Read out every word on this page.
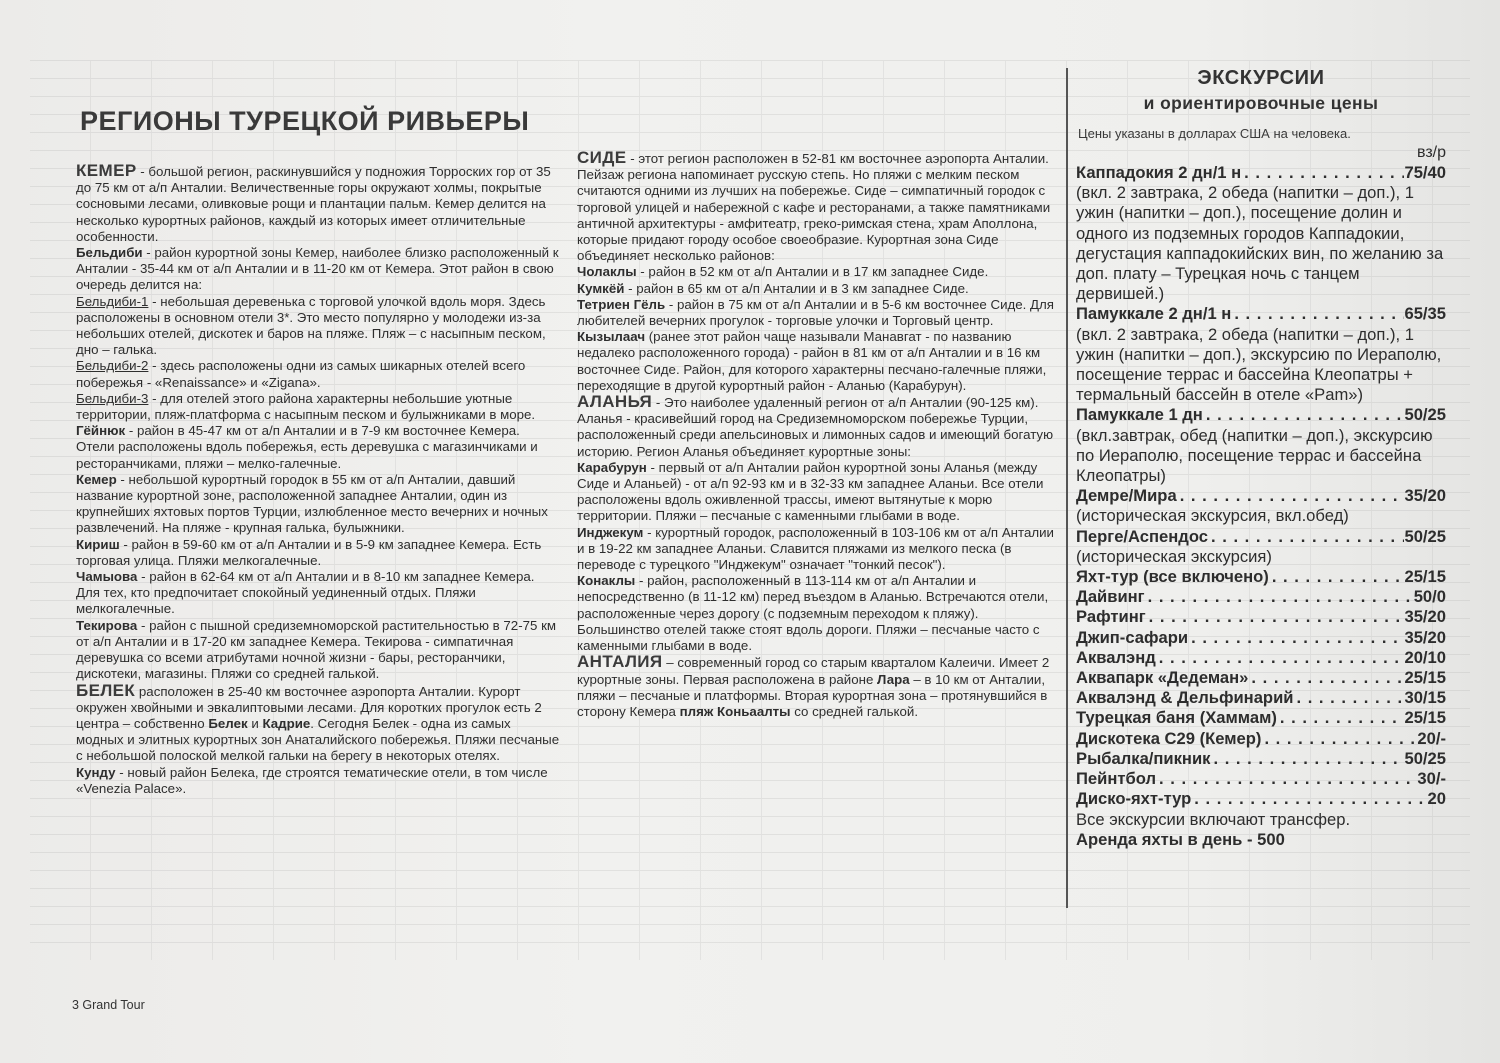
РЕГИОНЫ ТУРЕЦКОЙ РИВЬЕРЫ

КЕМЕР - большой регион, раскинувшийся у подножия Торроских гор от 35 до 75 км от а/п Анталии. Величественные горы окружают холмы, покрытые сосновыми лесами, оливковые рощи и плантации пальм. Кемер делится на несколько курортных районов, каждый из которых имеет отличительные особенности.

Бельдиби - район курортной зоны Кемер, наиболее близко расположенный к Анталии - 35-44 км от а/п Анталии и в 11-20 км от Кемера. Этот район в свою очередь делится на:

Бельдиби-1 - небольшая деревенька с торговой улочкой вдоль моря. Здесь расположены в основном отели 3*. Это место популярно у молодежи из-за небольших отелей, дискотек и баров на пляже. Пляж – с насыпным песком, дно – галька.

Бельдиби-2 - здесь расположены одни из самых шикарных отелей всего побережья - «Renaissance» и «Zigana».

Бельдиби-3 - для отелей этого района характерны небольшие уютные территории, пляж-платформа с насыпным песком и булыжниками в море.

Гёйнюк - район в 45-47 км от а/п Анталии и в 7-9 км восточнее Кемера. Отели расположены вдоль побережья, есть деревушка с магазинчиками и ресторанчиками, пляжи – мелко-галечные.

Кемер - небольшой курортный городок в 55 км от а/п Анталии, давший название курортной зоне, расположенной западнее Анталии, один из крупнейших яхтовых портов Турции, излюбленное место вечерних и ночных развлечений. На пляже - крупная галька, булыжники.

Кириш - район в 59-60 км от а/п Анталии и в 5-9 км западнее Кемера. Есть торговая улица. Пляжи мелкогалечные.

Чамыова - район в 62-64 км от а/п Анталии и в 8-10 км западнее Кемера. Для тех, кто предпочитает спокойный уединенный отдых. Пляжи мелкогалечные.

Текирова - район с пышной средиземноморской растительностью в 72-75 км от а/п Анталии и в 17-20 км западнее Кемера. Текирова - симпатичная деревушка со всеми атрибутами ночной жизни - бары, ресторанчики, дискотеки, магазины. Пляжи со средней галькой.

БЕЛЕК расположен в 25-40 км восточнее аэропорта Анталии. Курорт окружен хвойными и эвкалиптовыми лесами. Для коротких прогулок есть 2 центра – собственно Белек и Кадрие. Сегодня Белек - одна из самых модных и элитных курортных зон Анаталийского побережья. Пляжи песчаные с небольшой полоской мелкой гальки на берегу в некоторых отелях.

Кунду - новый район Белека, где строятся тематические отели, в том числе «Venezia Palace».

СИДЕ - этот регион расположен в 52-81 км восточнее аэропорта Анталии. Пейзаж региона напоминает русскую степь. Но пляжи с мелким песком считаются одними из лучших на побережье. Сиде – симпатичный городок с торговой улицей и набережной с кафе и ресторанами, а также памятниками античной архитектуры - амфитеатр, греко-римская стена, храм Аполлона, которые придают городу особое своеобразие. Курортная зона Сиде объединяет несколько районов:

Чолаклы - район в 52 км от а/п Анталии и в 17 км западнее Сиде.

Кумкёй - район в 65 км от а/п Анталии и в 3 км западнее Сиде.

Тетриен Гёль - район в 75 км от а/п Анталии и в 5-6 км восточнее Сиде. Для любителей вечерних прогулок - торговые улочки и Торговый центр.

Кызылаач (ранее этот район чаще называли Манавгат - по названию недалеко расположенного города) - район в 81 км от а/п Анталии и в 16 км восточнее Сиде. Район, для которого характерны песчано-галечные пляжи, переходящие в другой курортный район - Аланью (Карабурун).

АЛАНЬЯ - Это наиболее удаленный регион от а/п Анталии (90-125 км). Аланья - красивейший город на Средиземноморском побережье Турции, расположенный среди апельсиновых и лимонных садов и имеющий богатую историю. Регион Аланья объединяет курортные зоны:

Карабурун - первый от а/п Анталии район курортной зоны Аланья (между Сиде и Аланьей) - от а/п 92-93 км и в 32-33 км западнее Аланьи. Все отели расположены вдоль оживленной трассы, имеют вытянутые к морю территории. Пляжи – песчаные с каменными глыбами в воде.

Инджекум - курортный городок, расположенный в 103-106 км от а/п Анталии и в 19-22 км западнее Аланьи. Славится пляжами из мелкого песка (в переводе с турецкого "Инджекум" означает "тонкий песок").

Конаклы - район, расположенный в 113-114 км от а/п Анталии и непосредственно (в 11-12 км) перед въездом в Аланью. Встречаются отели, расположенные через дорогу (с подземным переходом к пляжу). Большинство отелей также стоят вдоль дороги. Пляжи – песчаные часто с каменными глыбами в воде.

АНТАЛИЯ – современный город со старым кварталом Калеичи. Имеет 2 курортные зоны. Первая расположена в районе Лара – в 10 км от Анталии, пляжи – песчаные и платформы. Вторая курортная зона – протянувшийся в сторону Кемера пляж Коньаалты со средней галькой.

ЭКСКУРСИИ
и ориентировочные цены
Цены указаны в долларах США на человека.
вз/р
Каппадокия 2 дн/1 н . . .	75/40
(вкл. 2 завтрака, 2 обеда (напитки – доп.), 1 ужин (напитки – доп.), посещение долин и одного из подземных городов Каппадокии, дегустация каппадокийских вин, по желанию за доп. плату – Турецкая ночь с танцем дервишей.)
Памуккале 2 дн/1 н . . .	65/35
(вкл. 2 завтрака, 2 обеда (напитки – доп.), 1 ужин (напитки – доп.), экскурсию по Иераполю, посещение террас и бассейна Клеопатры + термальный бассейн в отеле «Pam»)
Памуккале 1 дн . . .	50/25
(вкл.завтрак, обед (напитки – доп.), экскурсию по Иераполю, посещение террас и бассейна Клеопатры)
Демре/Мира . . .	35/20
(историческая экскурсия, вкл.обед)
Перге/Аспендос . . .	50/25
(историческая экскурсия)
Яхт-тур (все включено) . . .	25/15
Дайвинг . . .	50/0
Рафтинг . . .	35/20
Джип-сафари . . .	35/20
Аквалэнд . . .	20/10
Аквапарк «Дедеман» . . .	25/15
Аквалэнд & Дельфинарий . . .	30/15
Турецкая баня (Хаммам) . . .	25/15
Дискотека С29 (Кемер) . . .	20/-
Рыбалка/пикник . . .	50/25
Пейнтбол . . .	30/-
Диско-яхт-тур . . .	20
Все экскурсии включают трансфер.
Аренда яхты в день - 500
3 Grand Tour
